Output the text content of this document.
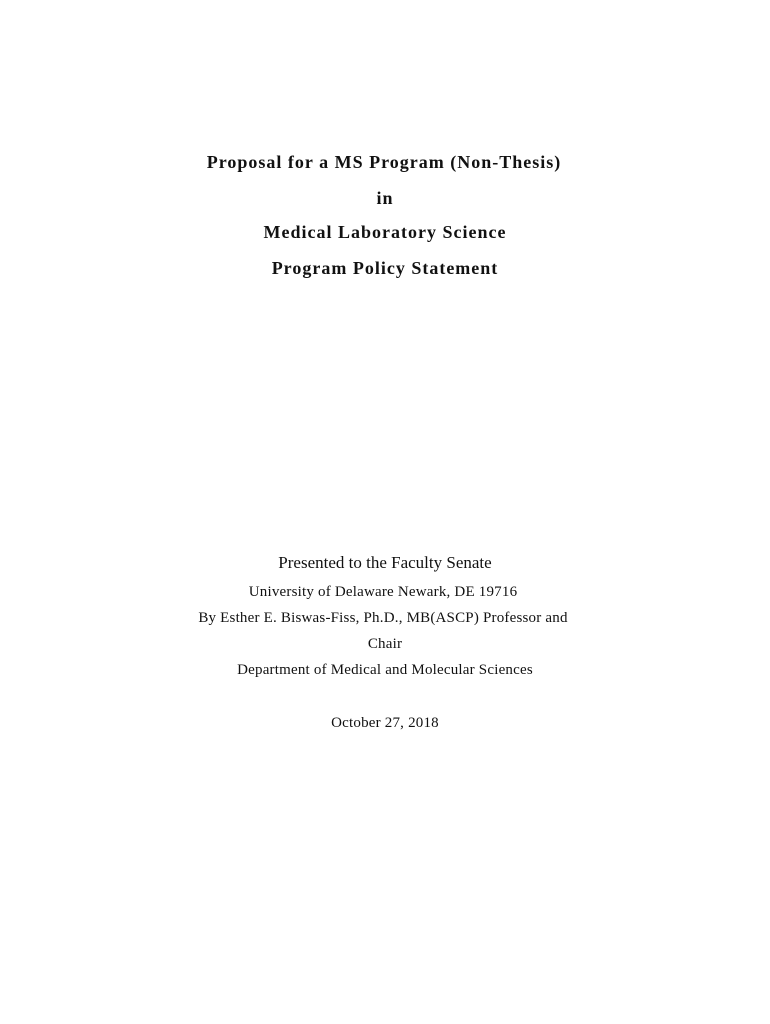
Proposal for a MS Program (Non-Thesis)
in
Medical Laboratory Science
Program Policy Statement
Presented to the Faculty Senate
University of Delaware Newark, DE 19716
By Esther E. Biswas-Fiss, Ph.D., MB(ASCP) Professor and
Chair
Department of Medical and Molecular Sciences
October 27, 2018
